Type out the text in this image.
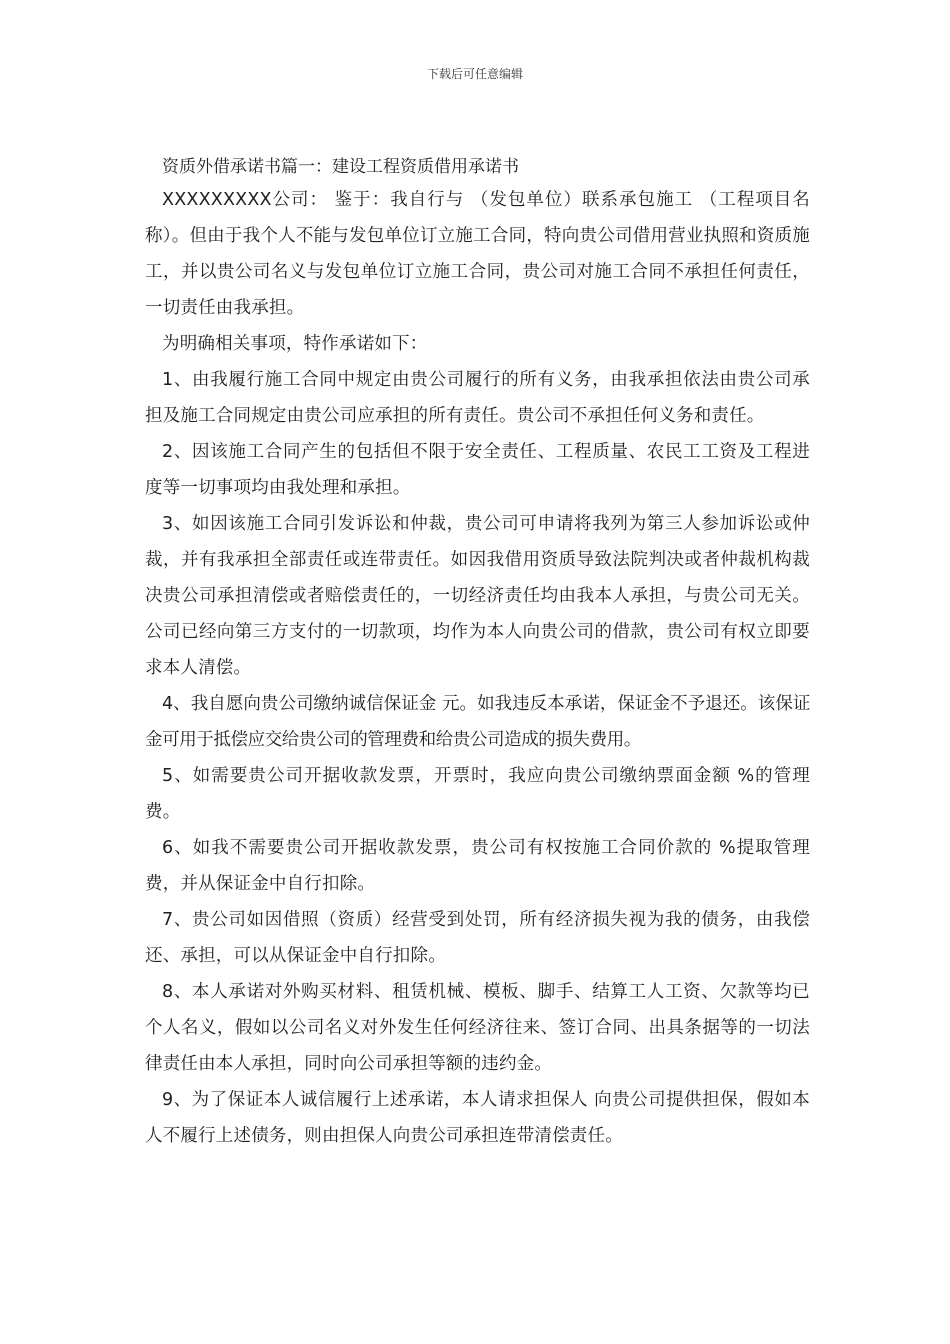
下载后可任意编辑
资质外借承诺书篇一：建设工程资质借用承诺书

XXXXXXXXX公司： 鉴于：我自行与 （发包单位）联系承包施工 （工程项目名称）。但由于我个人不能与发包单位订立施工合同，特向贵公司借用营业执照和资质施工，并以贵公司名义与发包单位订立施工合同，贵公司对施工合同不承担任何责任，一切责任由我承担。

为明确相关事项，特作承诺如下：

1、由我履行施工合同中规定由贵公司履行的所有义务，由我承担依法由贵公司承担及施工合同规定由贵公司应承担的所有责任。贵公司不承担任何义务和责任。

2、因该施工合同产生的包括但不限于安全责任、工程质量、农民工工资及工程进度等一切事项均由我处理和承担。

3、如因该施工合同引发诉讼和仲裁，贵公司可申请将我列为第三人参加诉讼或仲裁，并有我承担全部责任或连带责任。如因我借用资质导致法院判决或者仲裁机构裁决贵公司承担清偿或者赔偿责任的，一切经济责任均由我本人承担，与贵公司无关。公司已经向第三方支付的一切款项，均作为本人向贵公司的借款，贵公司有权立即要求本人清偿。

4、我自愿向贵公司缴纳诚信保证金 元。如我违反本承诺，保证金不予退还。该保证金可用于抵偿应交给贵公司的管理费和给贵公司造成的损失费用。

5、如需要贵公司开据收款发票，开票时，我应向贵公司缴纳票面金额 %的管理费。

6、如我不需要贵公司开据收款发票，贵公司有权按施工合同价款的 %提取管理费，并从保证金中自行扣除。

7、贵公司如因借照（资质）经营受到处罚，所有经济损失视为我的债务，由我偿还、承担，可以从保证金中自行扣除。

8、本人承诺对外购买材料、租赁机械、模板、脚手、结算工人工资、欠款等均已个人名义，假如以公司名义对外发生任何经济往来、签订合同、出具条据等的一切法律责任由本人承担，同时向公司承担等额的违约金。

9、为了保证本人诚信履行上述承诺，本人请求担保人 向贵公司提供担保，假如本人不履行上述债务，则由担保人向贵公司承担连带清偿责任。
